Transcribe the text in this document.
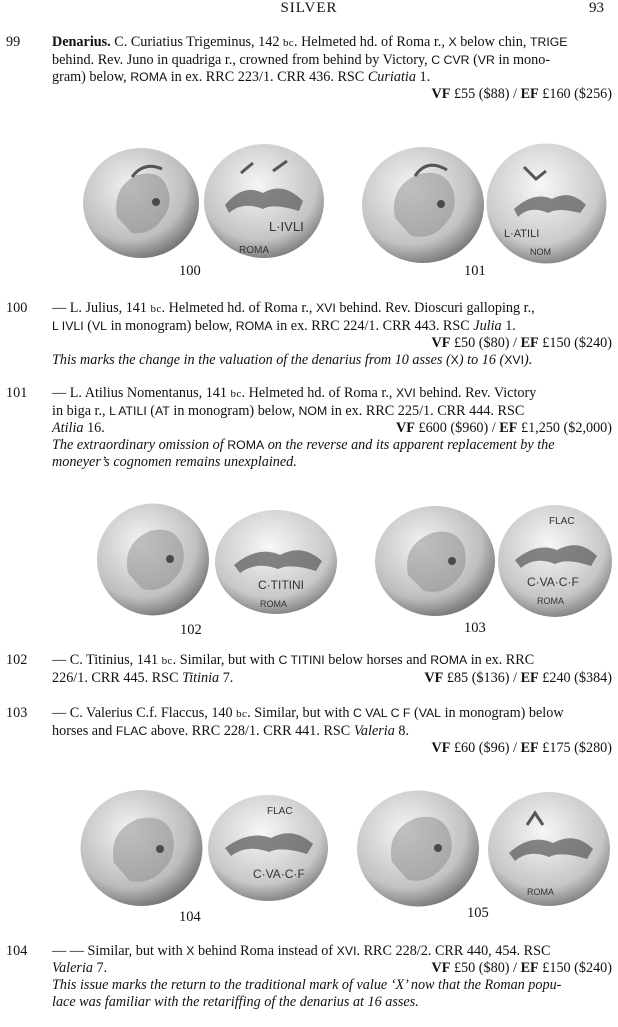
SILVER	93
99	Denarius. C. Curiatius Trigeminus, 142 bc. Helmeted hd. of Roma r., X below chin, TRIGE
behind. Rev. Juno in quadriga r., crowned from behind by Victory, C CVR (VR in mono-
gram) below, ROMA in ex. RRC 223/1. CRR 436. RSC Curiatia 1.
VF £55 ($88) / EF £160 ($256)
L·IVLI
ROMA
100
L·ATILI
NOM
101
100	— L. Julius, 141 bc. Helmeted hd. of Roma r., XVI behind. Rev. Dioscuri galloping r.,
L IVLI (VL in monogram) below, ROMA in ex. RRC 224/1. CRR 443. RSC Julia 1.
VF £50 ($80) / EF £150 ($240)
This marks the change in the valuation of the denarius from 10 asses (X) to 16 (XVI).
101	— L. Atilius Nomentanus, 141 bc. Helmeted hd. of Roma r., XVI behind. Rev. Victory
in biga r., L ATILI (AT in monogram) below, NOM in ex. RRC 225/1. CRR 444. RSC
Atilia 16.	VF £600 ($960) / EF £1,250 ($2,000)
The extraordinary omission of ROMA on the reverse and its apparent replacement by the
moneyer’s cognomen remains unexplained.
C·TITINI
ROMA
102
FLAC
C·VA·C·F
ROMA
103
102	— C. Titinius, 141 bc. Similar, but with C TITINI below horses and ROMA in ex. RRC
226/1. CRR 445. RSC Titinia 7.	VF £85 ($136) / EF £240 ($384)
103	— C. Valerius C.f. Flaccus, 140 bc. Similar, but with C VAL C F (VAL in monogram) below
horses and FLAC above. RRC 228/1. CRR 441. RSC Valeria 8.
VF £60 ($96) / EF £175 ($280)
FLAC
C·VA·C·F
104
ROMA
105
104	— — Similar, but with X behind Roma instead of XVI. RRC 228/2. CRR 440, 454. RSC
Valeria 7.	VF £50 ($80) / EF £150 ($240)
This issue marks the return to the traditional mark of value ‘X’ now that the Roman popu-
lace was familiar with the retariffing of the denarius at 16 asses.
